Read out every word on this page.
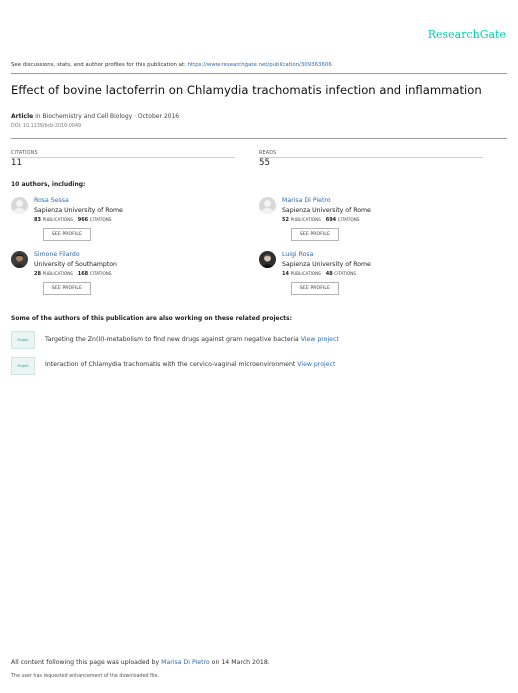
ResearchGate
See discussions, stats, and author profiles for this publication at: https://www.researchgate.net/publication/309363606
Effect of bovine lactoferrin on Chlamydia trachomatis infection and inflammation
Article in Biochemistry and Cell Biology · October 2016
DOI: 10.1139/bcb-2016-0049
CITATIONS
11
READS
55
10 authors, including:
Rosa Sessa
Sapienza University of Rome
83 PUBLICATIONS 966 CITATIONS
SEE PROFILE
Marisa Di Pietro
Sapienza University of Rome
52 PUBLICATIONS 694 CITATIONS
SEE PROFILE
Simone Filardo
University of Southampton
28 PUBLICATIONS 168 CITATIONS
SEE PROFILE
Luigi Rosa
Sapienza University of Rome
14 PUBLICATIONS 48 CITATIONS
SEE PROFILE
Some of the authors of this publication are also working on these related projects:
Project	Targeting the Zn(II)-metabolism to find new drugs against gram negative bacteria View project
Project	Interaction of Chlamydia trachomatis with the cervico-vaginal microenvironment View project
All content following this page was uploaded by Marisa Di Pietro on 14 March 2018.
The user has requested enhancement of the downloaded file.
